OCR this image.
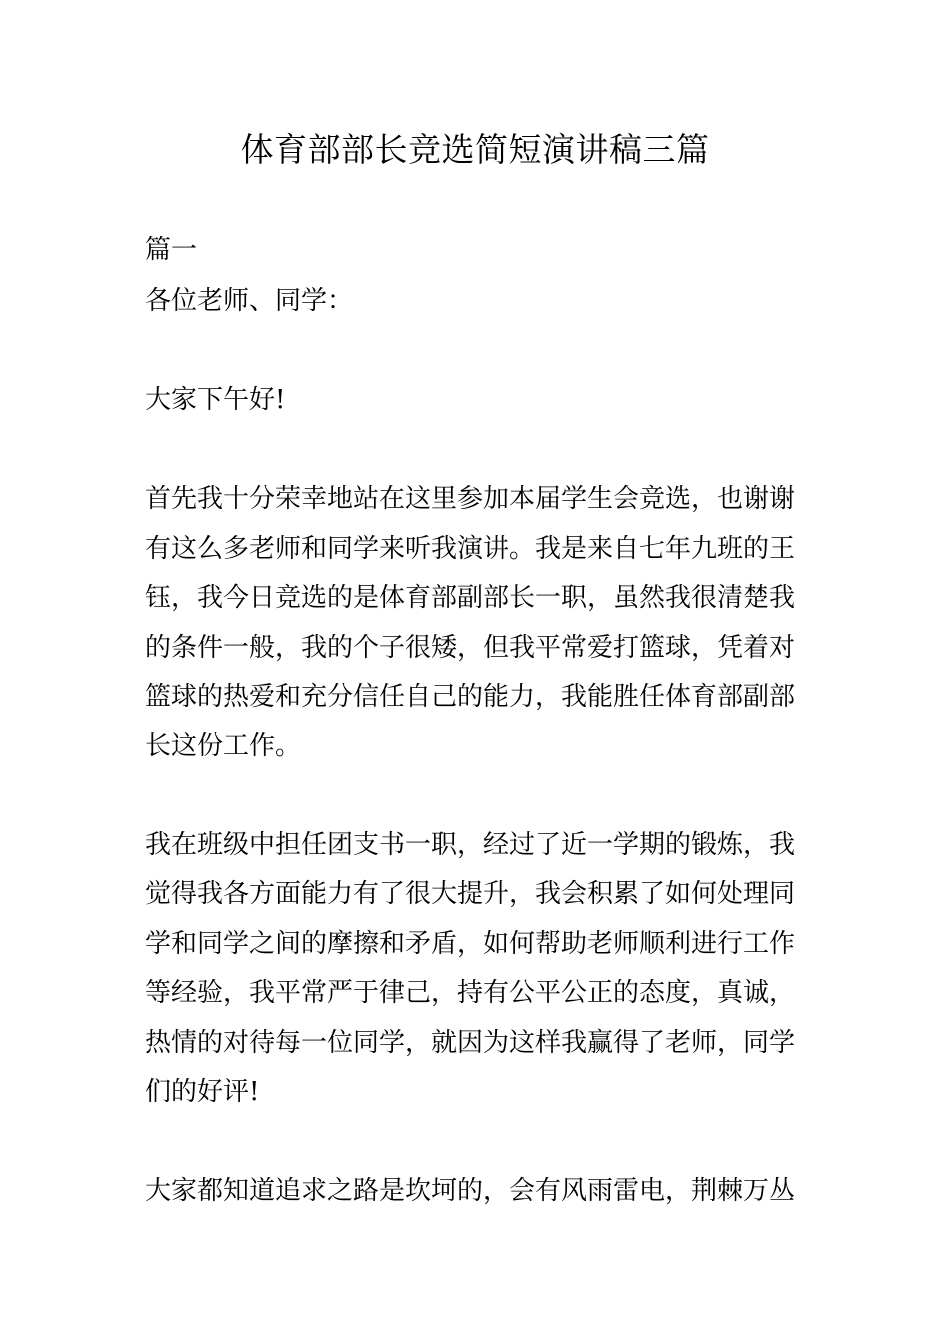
体育部部长竞选简短演讲稿三篇
篇一
各位老师、同学：
大家下午好!
首先我十分荣幸地站在这里参加本届学生会竞选，也谢谢
有这么多老师和同学来听我演讲。我是来自七年九班的王
钰，我今日竞选的是体育部副部长一职，虽然我很清楚我
的条件一般，我的个子很矮，但我平常爱打篮球，凭着对
篮球的热爱和充分信任自己的能力，我能胜任体育部副部
长这份工作。
我在班级中担任团支书一职，经过了近一学期的锻炼，我
觉得我各方面能力有了很大提升，我会积累了如何处理同
学和同学之间的摩擦和矛盾，如何帮助老师顺利进行工作
等经验，我平常严于律己，持有公平公正的态度，真诚，
热情的对待每一位同学，就因为这样我赢得了老师，同学
们的好评!
大家都知道追求之路是坎坷的，会有风雨雷电，荆棘万丛
